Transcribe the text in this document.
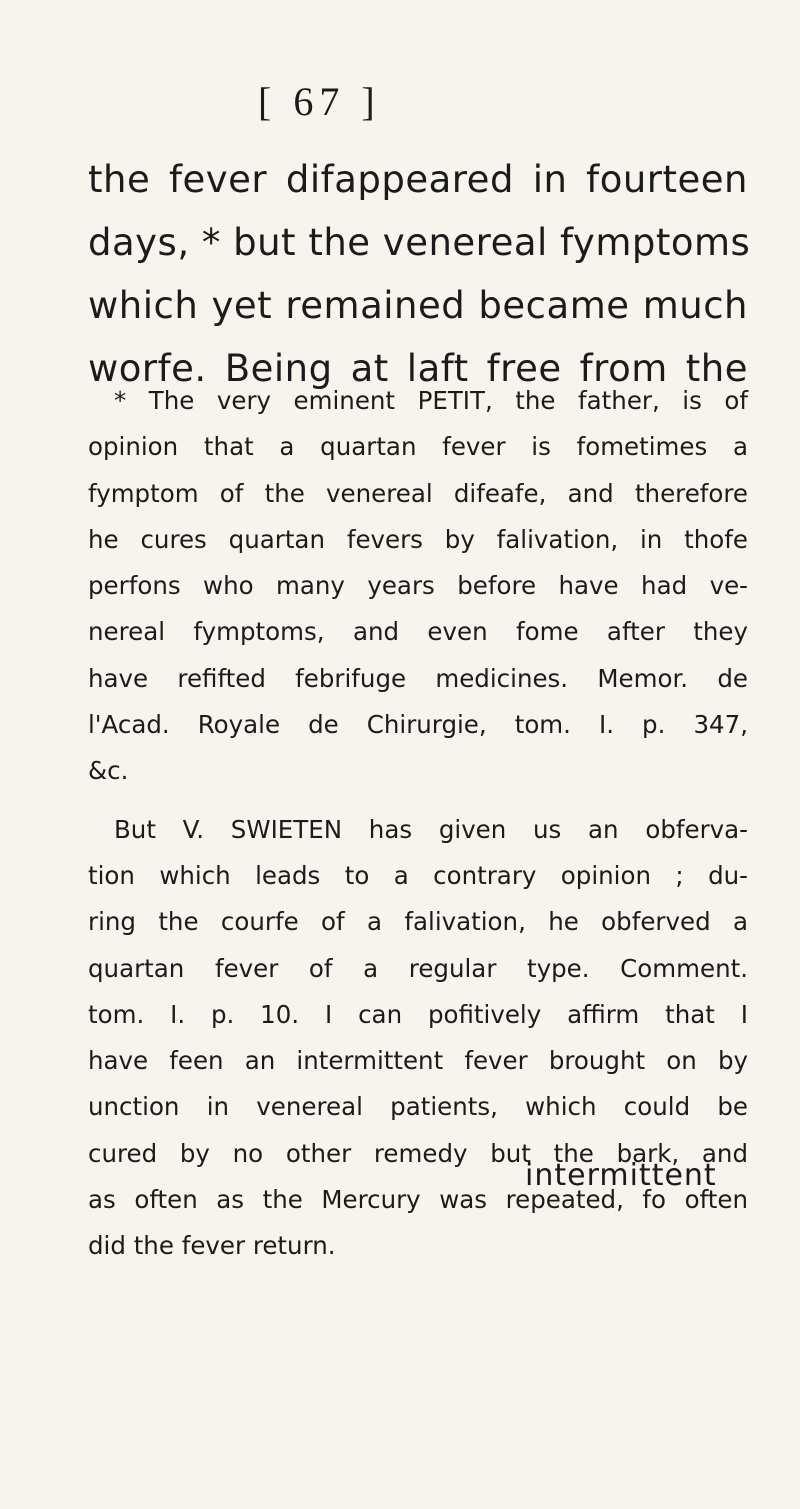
[ 67 ]
the fever difappeared in fourteen
days, * but the venereal fymptoms
which yet remained became much
worfe. Being at laft free from the
* The very eminent PETIT, the father, is of
opinion that a quartan fever is fometimes a
fymptom of the venereal difeafe, and therefore
he cures quartan fevers by falivation, in thofe
perfons who many years before have had ve-
nereal fymptoms, and even fome after they
have refifted febrifuge medicines. Memor. de
l'Acad. Royale de Chirurgie, tom. I. p. 347,
&c.
But V. SWIETEN has given us an obferva-
tion which leads to a contrary opinion ; du-
ring the courfe of a falivation, he obferved a
quartan fever of a regular type. Comment.
tom. I. p. 10. I can pofitively affirm that I
have feen an intermittent fever brought on by
unction in venereal patients, which could be
cured by no other remedy but the bark, and
as often as the Mercury was repeated, fo often
did the fever return.
intermittent
